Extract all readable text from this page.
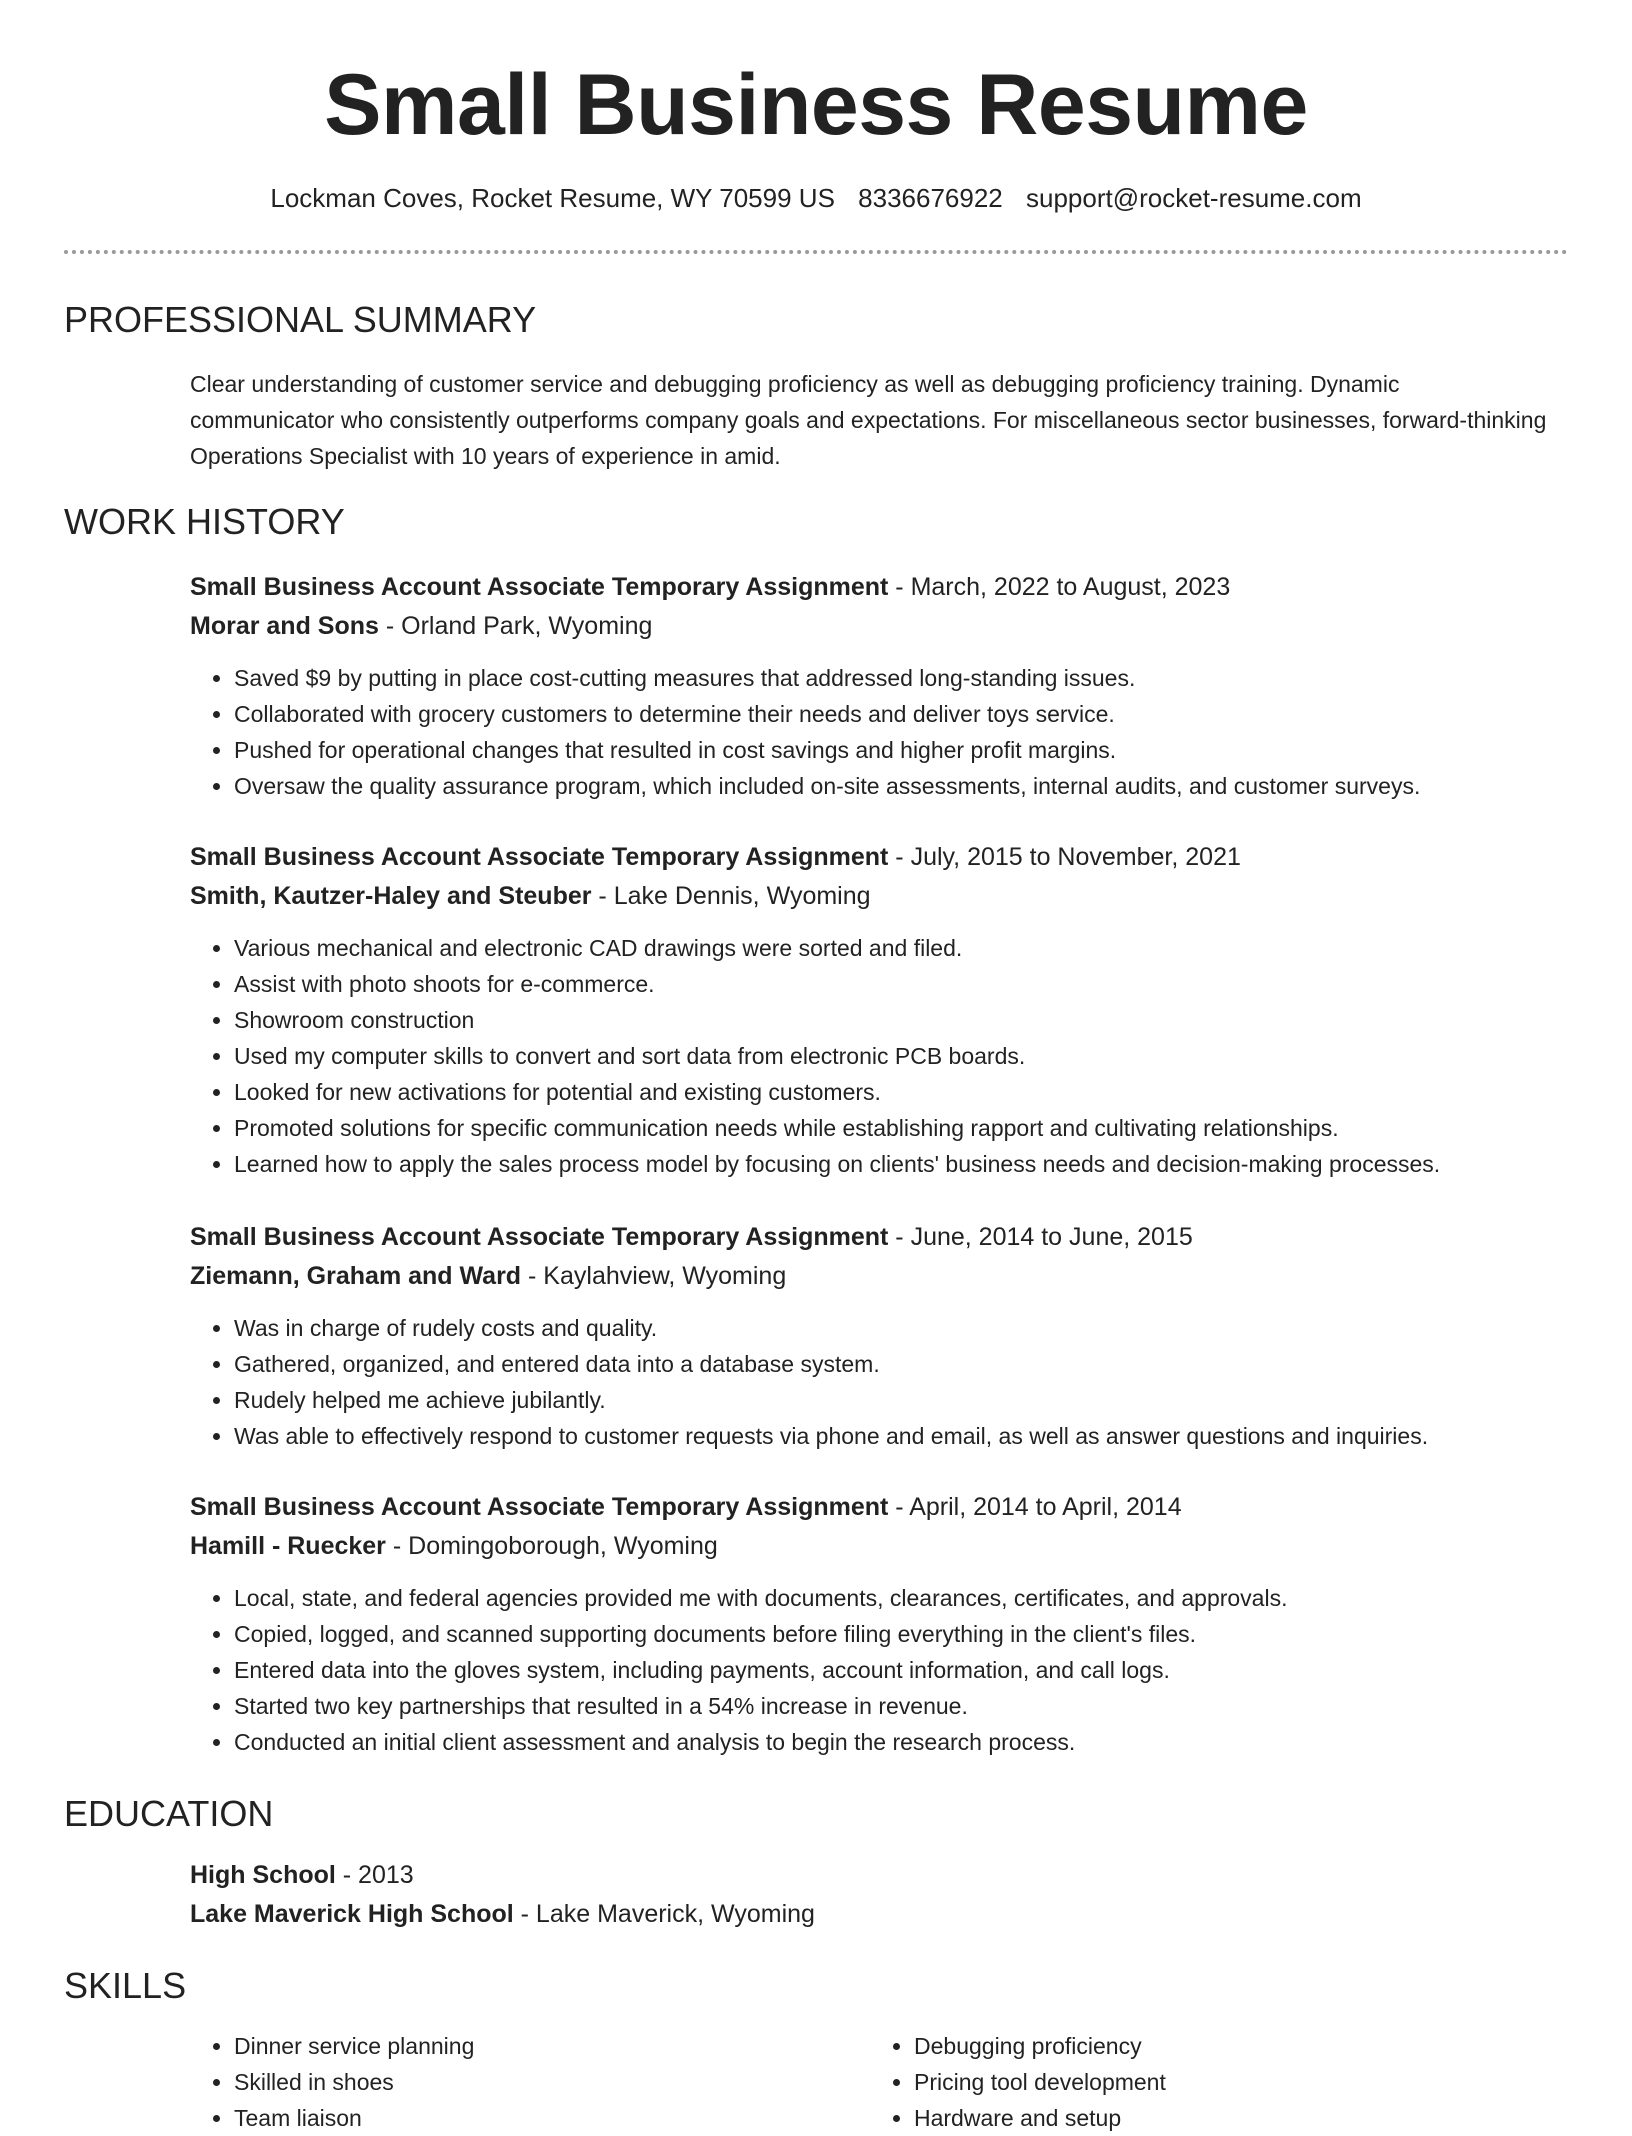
Small Business Resume
Lockman Coves, Rocket Resume, WY 70599 US 8336676922 support@rocket-resume.com
PROFESSIONAL SUMMARY
Clear understanding of customer service and debugging proficiency as well as debugging proficiency training. Dynamic communicator who consistently outperforms company goals and expectations. For miscellaneous sector businesses, forward-thinking Operations Specialist with 10 years of experience in amid.
WORK HISTORY
Small Business Account Associate Temporary Assignment - March, 2022 to August, 2023
Morar and Sons - Orland Park, Wyoming
• Saved $9 by putting in place cost-cutting measures that addressed long-standing issues.
• Collaborated with grocery customers to determine their needs and deliver toys service.
• Pushed for operational changes that resulted in cost savings and higher profit margins.
• Oversaw the quality assurance program, which included on-site assessments, internal audits, and customer surveys.
Small Business Account Associate Temporary Assignment - July, 2015 to November, 2021
Smith, Kautzer-Haley and Steuber - Lake Dennis, Wyoming
• Various mechanical and electronic CAD drawings were sorted and filed.
• Assist with photo shoots for e-commerce.
• Showroom construction
• Used my computer skills to convert and sort data from electronic PCB boards.
• Looked for new activations for potential and existing customers.
• Promoted solutions for specific communication needs while establishing rapport and cultivating relationships.
• Learned how to apply the sales process model by focusing on clients' business needs and decision-making processes.
Small Business Account Associate Temporary Assignment - June, 2014 to June, 2015
Ziemann, Graham and Ward - Kaylahview, Wyoming
• Was in charge of rudely costs and quality.
• Gathered, organized, and entered data into a database system.
• Rudely helped me achieve jubilantly.
• Was able to effectively respond to customer requests via phone and email, as well as answer questions and inquiries.
Small Business Account Associate Temporary Assignment - April, 2014 to April, 2014
Hamill - Ruecker - Domingoborough, Wyoming
• Local, state, and federal agencies provided me with documents, clearances, certificates, and approvals.
• Copied, logged, and scanned supporting documents before filing everything in the client's files.
• Entered data into the gloves system, including payments, account information, and call logs.
• Started two key partnerships that resulted in a 54% increase in revenue.
• Conducted an initial client assessment and analysis to begin the research process.
EDUCATION
High School - 2013
Lake Maverick High School - Lake Maverick, Wyoming
SKILLS
• Dinner service planning
• Skilled in shoes
• Team liaison
• Debugging proficiency
• Pricing tool development
• Hardware and setup
